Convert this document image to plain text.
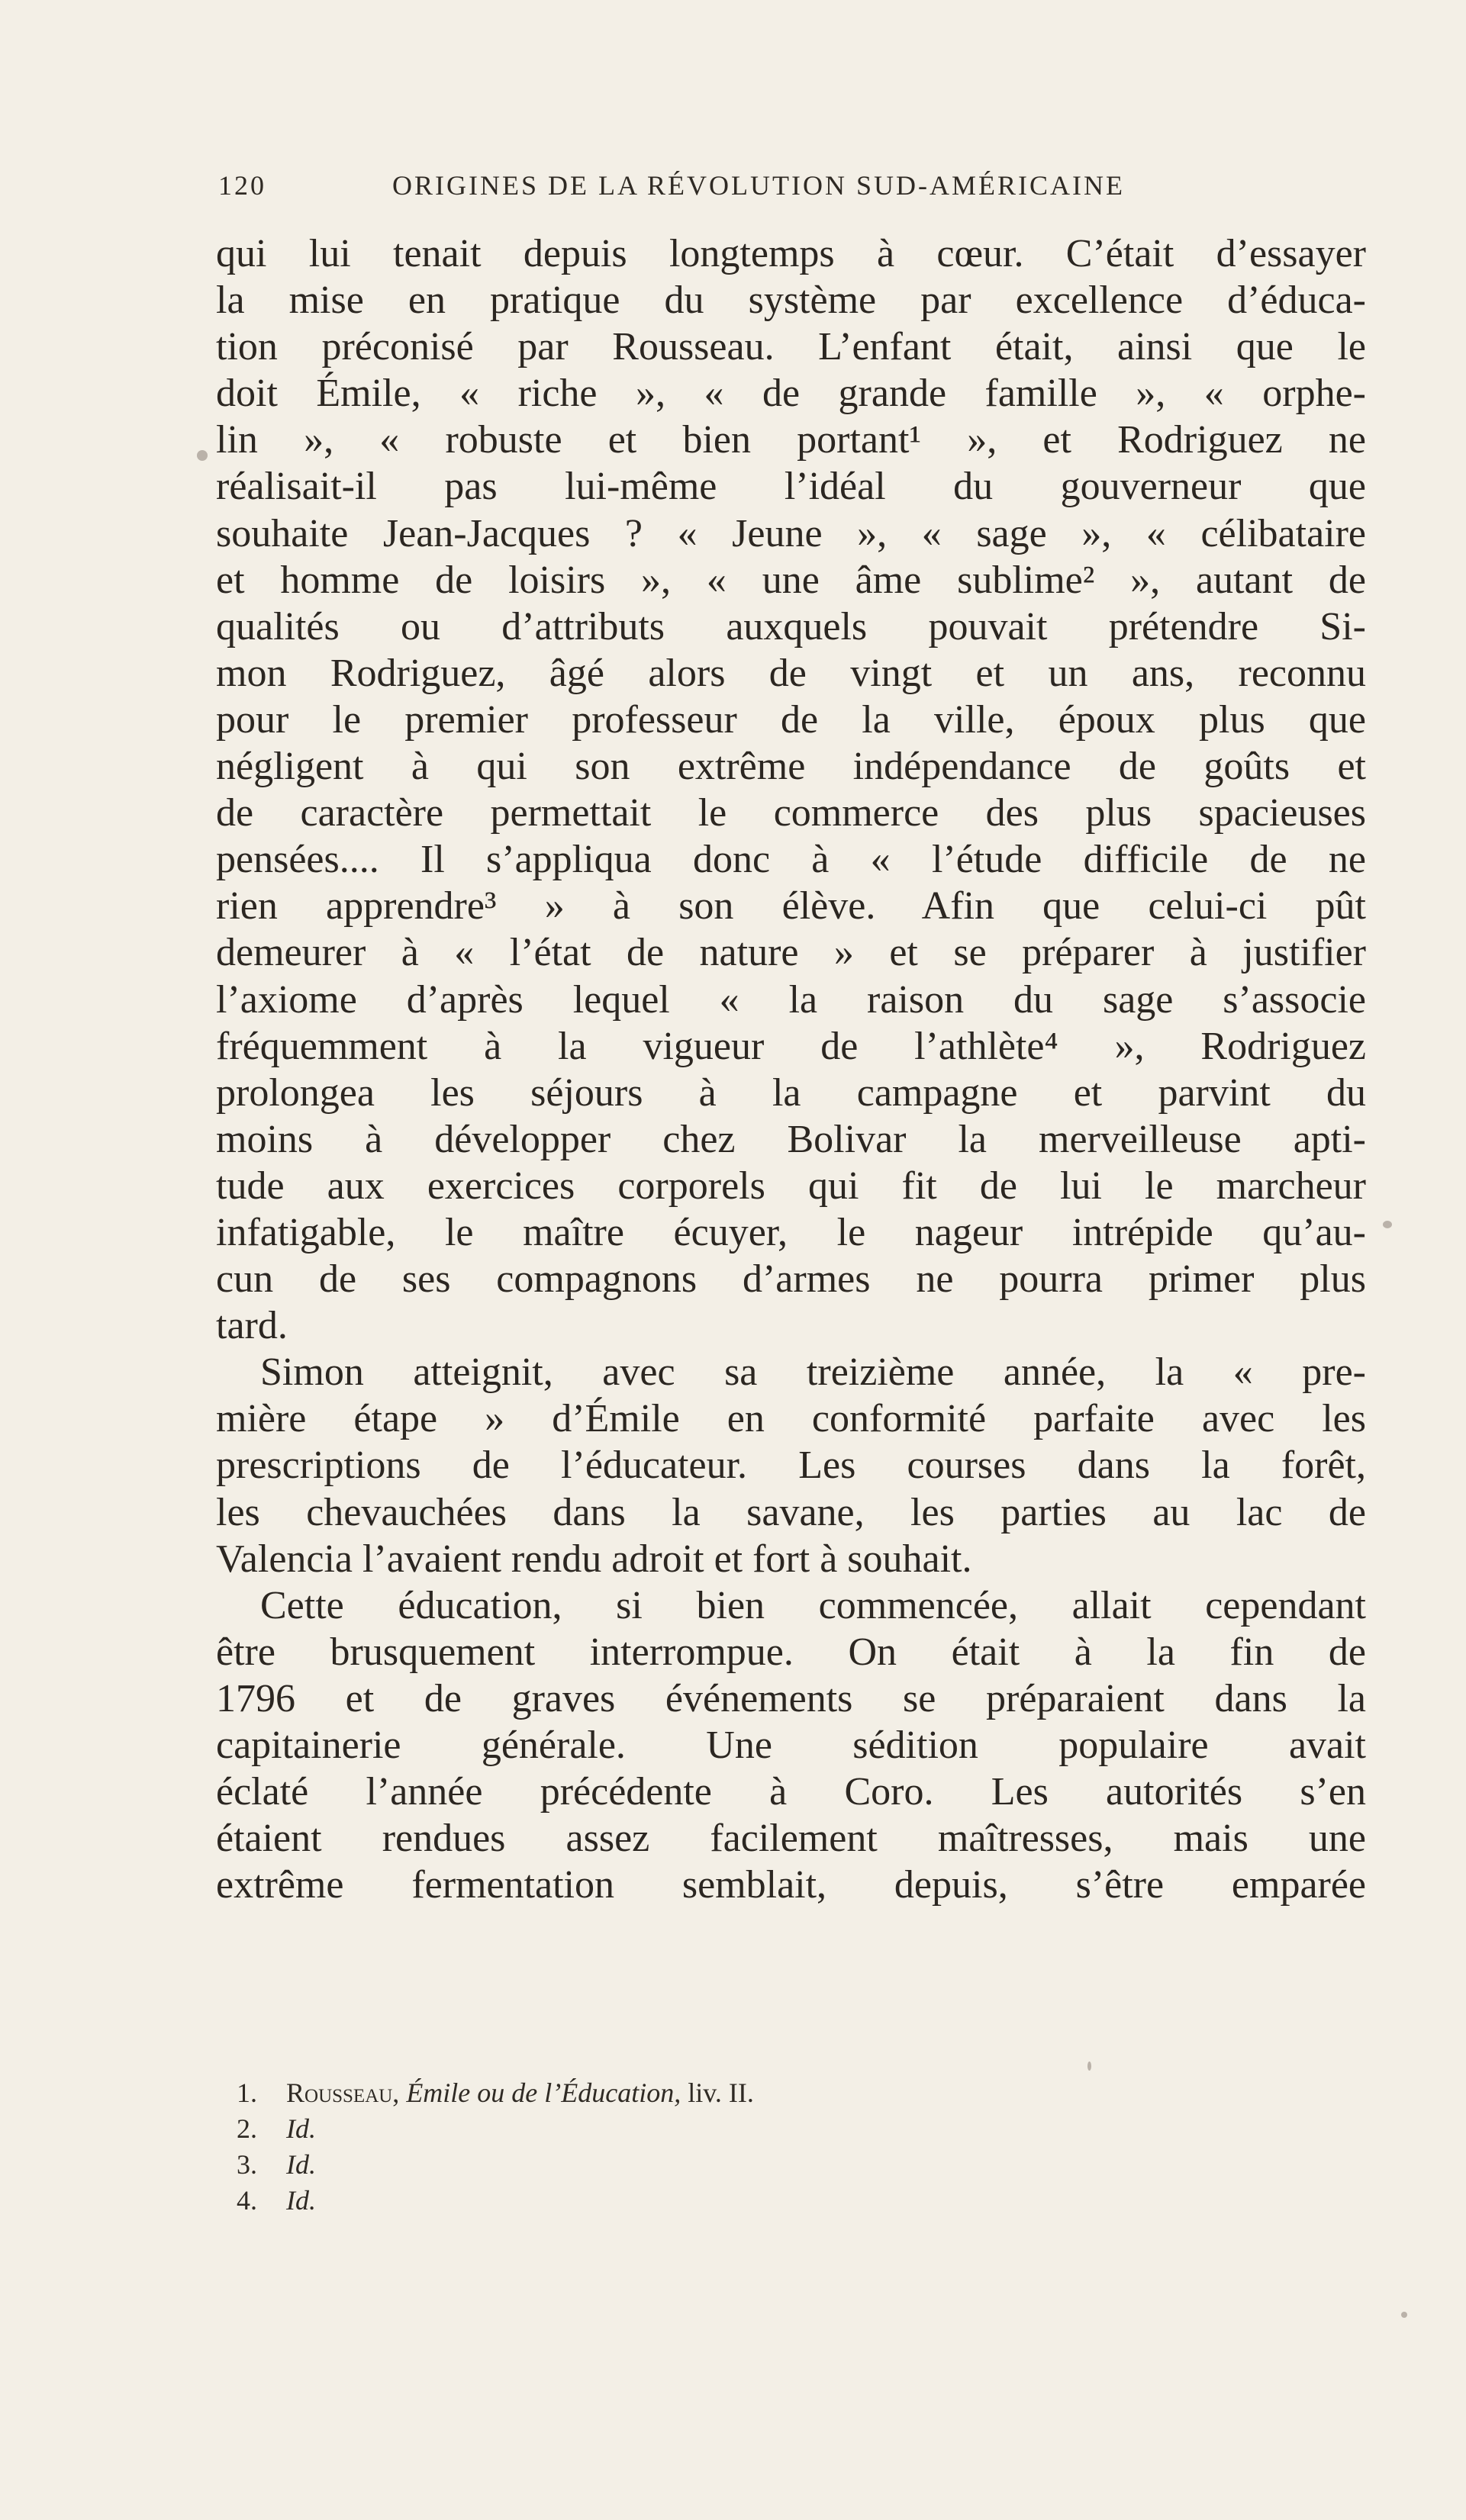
120	ORIGINES DE LA RÉVOLUTION SUD-AMÉRICAINE
qui lui tenait depuis longtemps à cœur. C’était d’essayer
la mise en pratique du système par excellence d’éduca-
tion préconisé par Rousseau. L’enfant était, ainsi que le
doit Émile, « riche », « de grande famille », « orphe-
lin », « robuste et bien portant¹ », et Rodriguez ne
réalisait-il pas lui-même l’idéal du gouverneur que
souhaite Jean-Jacques ? « Jeune », « sage », « célibataire
et homme de loisirs », « une âme sublime² », autant de
qualités ou d’attributs auxquels pouvait prétendre Si-
mon Rodriguez, âgé alors de vingt et un ans, reconnu
pour le premier professeur de la ville, époux plus que
négligent à qui son extrême indépendance de goûts et
de caractère permettait le commerce des plus spacieuses
pensées.... Il s’appliqua donc à « l’étude difficile de ne
rien apprendre³ » à son élève. Afin que celui-ci pût
demeurer à « l’état de nature » et se préparer à justifier
l’axiome d’après lequel « la raison du sage s’associe
fréquemment à la vigueur de l’athlète⁴ », Rodriguez
prolongea les séjours à la campagne et parvint du
moins à développer chez Bolivar la merveilleuse apti-
tude aux exercices corporels qui fit de lui le marcheur
infatigable, le maître écuyer, le nageur intrépide qu’au-
cun de ses compagnons d’armes ne pourra primer plus
tard.
Simon atteignit, avec sa treizième année, la « pre-
mière étape » d’Émile en conformité parfaite avec les
prescriptions de l’éducateur. Les courses dans la forêt,
les chevauchées dans la savane, les parties au lac de
Valencia l’avaient rendu adroit et fort à souhait.
Cette éducation, si bien commencée, allait cependant
être brusquement interrompue. On était à la fin de
1796 et de graves événements se préparaient dans la
capitainerie générale. Une sédition populaire avait
éclaté l’année précédente à Coro. Les autorités s’en
étaient rendues assez facilement maîtresses, mais une
extrême fermentation semblait, depuis, s’être emparée
1. Rousseau, Émile ou de l’Éducation, liv. II.
2. Id.
3. Id.
4. Id.
